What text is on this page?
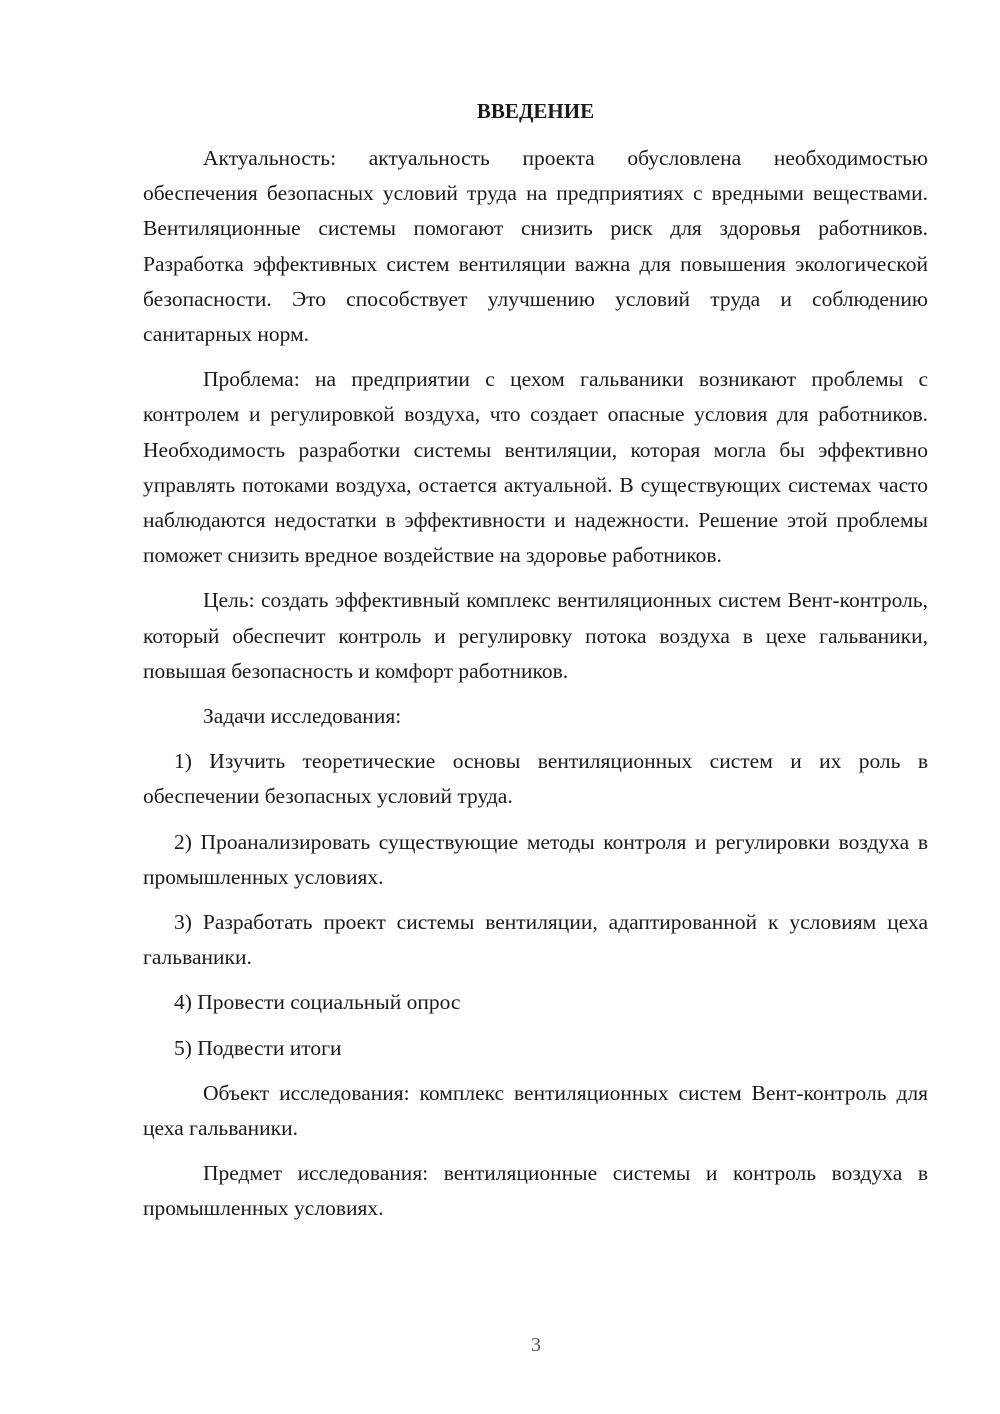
ВВЕДЕНИЕ

Актуальность: актуальность проекта обусловлена необходимостью обеспечения безопасных условий труда на предприятиях с вредными веществами. Вентиляционные системы помогают снизить риск для здоровья работников. Разработка эффективных систем вентиляции важна для повышения экологической безопасности. Это способствует улучшению условий труда и соблюдению санитарных норм.

Проблема: на предприятии с цехом гальваники возникают проблемы с контролем и регулировкой воздуха, что создает опасные условия для работников. Необходимость разработки системы вентиляции, которая могла бы эффективно управлять потоками воздуха, остается актуальной. В существующих системах часто наблюдаются недостатки в эффективности и надежности. Решение этой проблемы поможет снизить вредное воздействие на здоровье работников.

Цель: создать эффективный комплекс вентиляционных систем Вент-контроль, который обеспечит контроль и регулировку потока воздуха в цехе гальваники, повышая безопасность и комфорт работников.

Задачи исследования:

1) Изучить теоретические основы вентиляционных систем и их роль в обеспечении безопасных условий труда.

2) Проанализировать существующие методы контроля и регулировки воздуха в промышленных условиях.

3) Разработать проект системы вентиляции, адаптированной к условиям цеха гальваники.

4) Провести социальный опрос

5) Подвести итоги

Объект исследования: комплекс вентиляционных систем Вент-контроль для цеха гальваники.

Предмет исследования: вентиляционные системы и контроль воздуха в промышленных условиях.

3
